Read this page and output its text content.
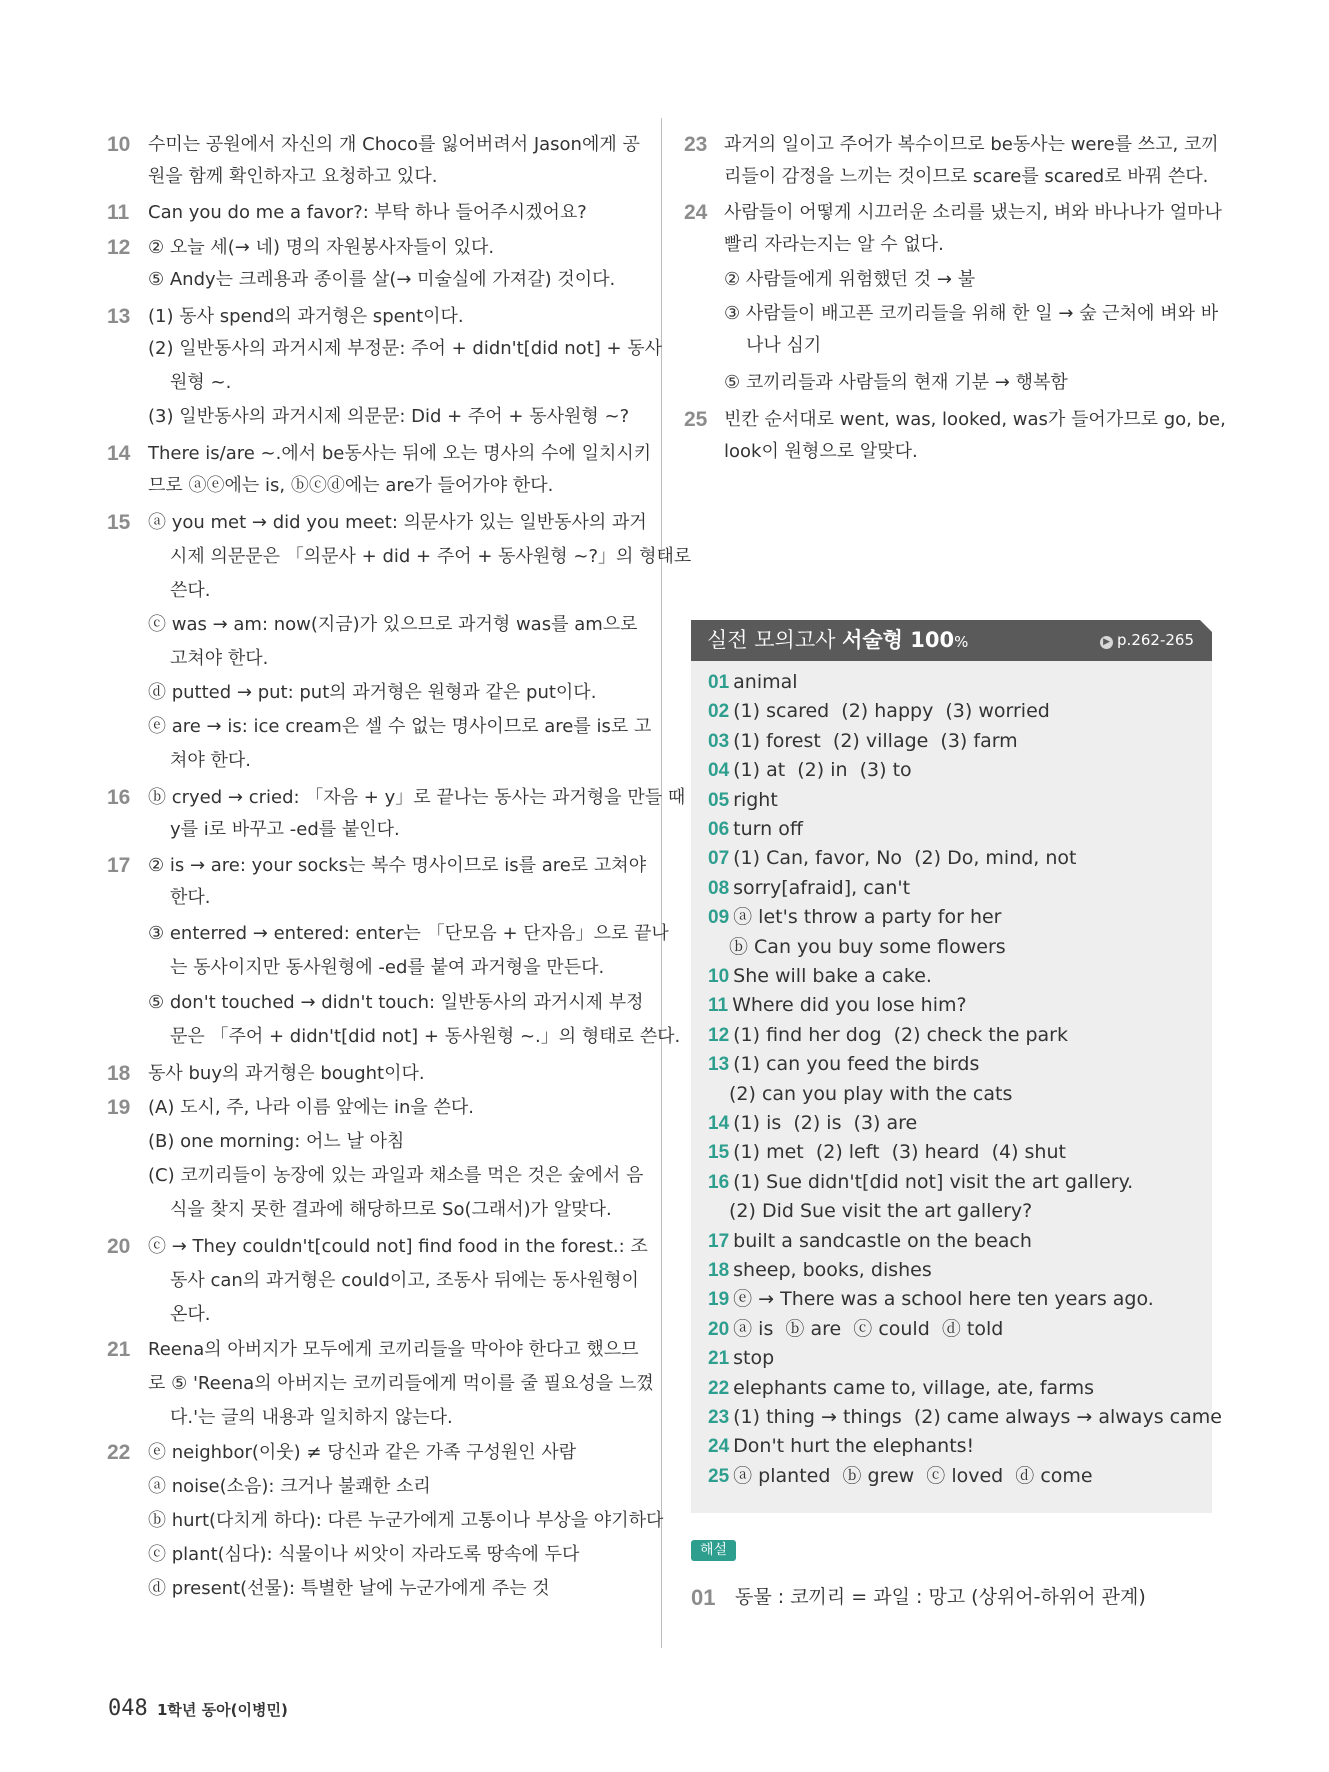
10 수미는 공원에서 자신의 개 Choco를 잃어버려서 Jason에게 공
원을 함께 확인하자고 요청하고 있다.
11 Can you do me a favor?: 부탁 하나 들어주시겠어요?
12 ② 오늘 세(→ 네) 명의 자원봉사자들이 있다.
⑤ Andy는 크레용과 종이를 살(→ 미술실에 가져갈) 것이다.
13 (1) 동사 spend의 과거형은 spent이다.
(2) 일반동사의 과거시제 부정문: 주어 + didn't[did not] + 동사
원형 ~.
(3) 일반동사의 과거시제 의문문: Did + 주어 + 동사원형 ~?
14 There is/are ~.에서 be동사는 뒤에 오는 명사의 수에 일치시키
므로 ⓐⓔ에는 is, ⓑⓒⓓ에는 are가 들어가야 한다.
15 ⓐ you met → did you meet: 의문사가 있는 일반동사의 과거
시제 의문문은 「의문사 + did + 주어 + 동사원형 ~?」의 형태로
쓴다.
ⓒ was → am: now(지금)가 있으므로 과거형 was를 am으로
고쳐야 한다.
ⓓ putted → put: put의 과거형은 원형과 같은 put이다.
ⓔ are → is: ice cream은 셀 수 없는 명사이므로 are를 is로 고
쳐야 한다.
16 ⓑ cryed → cried: 「자음 + y」로 끝나는 동사는 과거형을 만들 때
y를 i로 바꾸고 -ed를 붙인다.
17 ② is → are: your socks는 복수 명사이므로 is를 are로 고쳐야
한다.
③ enterred → entered: enter는 「단모음 + 단자음」으로 끝나
는 동사이지만 동사원형에 -ed를 붙여 과거형을 만든다.
⑤ don't touched → didn't touch: 일반동사의 과거시제 부정
문은 「주어 + didn't[did not] + 동사원형 ~.」의 형태로 쓴다.
18 동사 buy의 과거형은 bought이다.
19 (A) 도시, 주, 나라 이름 앞에는 in을 쓴다.
(B) one morning: 어느 날 아침
(C) 코끼리들이 농장에 있는 과일과 채소를 먹은 것은 숲에서 음
식을 찾지 못한 결과에 해당하므로 So(그래서)가 알맞다.
20 ⓒ → They couldn't[could not] find food in the forest.: 조
동사 can의 과거형은 could이고, 조동사 뒤에는 동사원형이
온다.
21 Reena의 아버지가 모두에게 코끼리들을 막아야 한다고 했으므
로 ⑤ 'Reena의 아버지는 코끼리들에게 먹이를 줄 필요성을 느꼈
다.'는 글의 내용과 일치하지 않는다.
22 ⓔ neighbor(이웃) ≠ 당신과 같은 가족 구성원인 사람
ⓐ noise(소음): 크거나 불쾌한 소리
ⓑ hurt(다치게 하다): 다른 누군가에게 고통이나 부상을 야기하다
ⓒ plant(심다): 식물이나 씨앗이 자라도록 땅속에 두다
ⓓ present(선물): 특별한 날에 누군가에게 주는 것
23 과거의 일이고 주어가 복수이므로 be동사는 were를 쓰고, 코끼
리들이 감정을 느끼는 것이므로 scare를 scared로 바꿔 쓴다.
24 사람들이 어떻게 시끄러운 소리를 냈는지, 벼와 바나나가 얼마나
빨리 자라는지는 알 수 없다.
② 사람들에게 위험했던 것 → 불
③ 사람들이 배고픈 코끼리들을 위해 한 일 → 숲 근처에 벼와 바
나나 심기
⑤ 코끼리들과 사람들의 현재 기분 → 행복함
25 빈칸 순서대로 went, was, looked, was가 들어가므로 go, be,
look이 원형으로 알맞다.
실전 모의고사 서술형 100%	▶ p.262-265
01 animal
02 (1) scared  (2) happy  (3) worried
03 (1) forest  (2) village  (3) farm
04 (1) at  (2) in  (3) to
05 right
06 turn off
07 (1) Can, favor, No  (2) Do, mind, not
08 sorry[afraid], can't
09 ⓐ let's throw a party for her
ⓑ Can you buy some flowers
10 She will bake a cake.
11 Where did you lose him?
12 (1) find her dog  (2) check the park
13 (1) can you feed the birds
(2) can you play with the cats
14 (1) is  (2) is  (3) are
15 (1) met  (2) left  (3) heard  (4) shut
16 (1) Sue didn't[did not] visit the art gallery.
(2) Did Sue visit the art gallery?
17 built a sandcastle on the beach
18 sheep, books, dishes
19 ⓔ → There was a school here ten years ago.
20 ⓐ is  ⓑ are  ⓒ could  ⓓ told
21 stop
22 elephants came to, village, ate, farms
23 (1) thing → things  (2) came always → always came
24 Don't hurt the elephants!
25 ⓐ planted  ⓑ grew  ⓒ loved  ⓓ come
해설
01 동물 : 코끼리 = 과일 : 망고 (상위어-하위어 관계)
048 1학년 동아(이병민)
